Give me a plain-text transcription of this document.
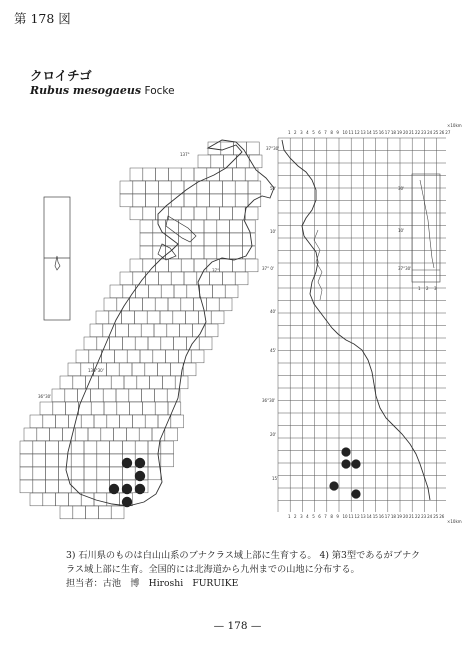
第 178 図
クロイチゴ
Rubus mesogaeus Focke
×10km
×10km
1 2 3 4 5 6 7 8 9 10 11 12 13 14 15 16 17 18 19 20 21 22 23 24 25 26 27
1 2 3 4 5 6 7 8 9 10 11 12 13 14 15 16 17 18 19 20 21 22 23 24 25 26
37°30'
37° 0'
36°30'
50'
10'
40'
45'
20'
15'
137°
37°
136°30'
36°30'
30'
10'
37°30'
1 2 3
3) 石川県のものは白山山系のブナクラス域上部に生育する。 4) 第3型であるがブナク
ラス域上部に生育。全国的には北海道から九州までの山地に分布する。
担当者：古池　博　Hiroshi　FURUIKE
— 178 —
